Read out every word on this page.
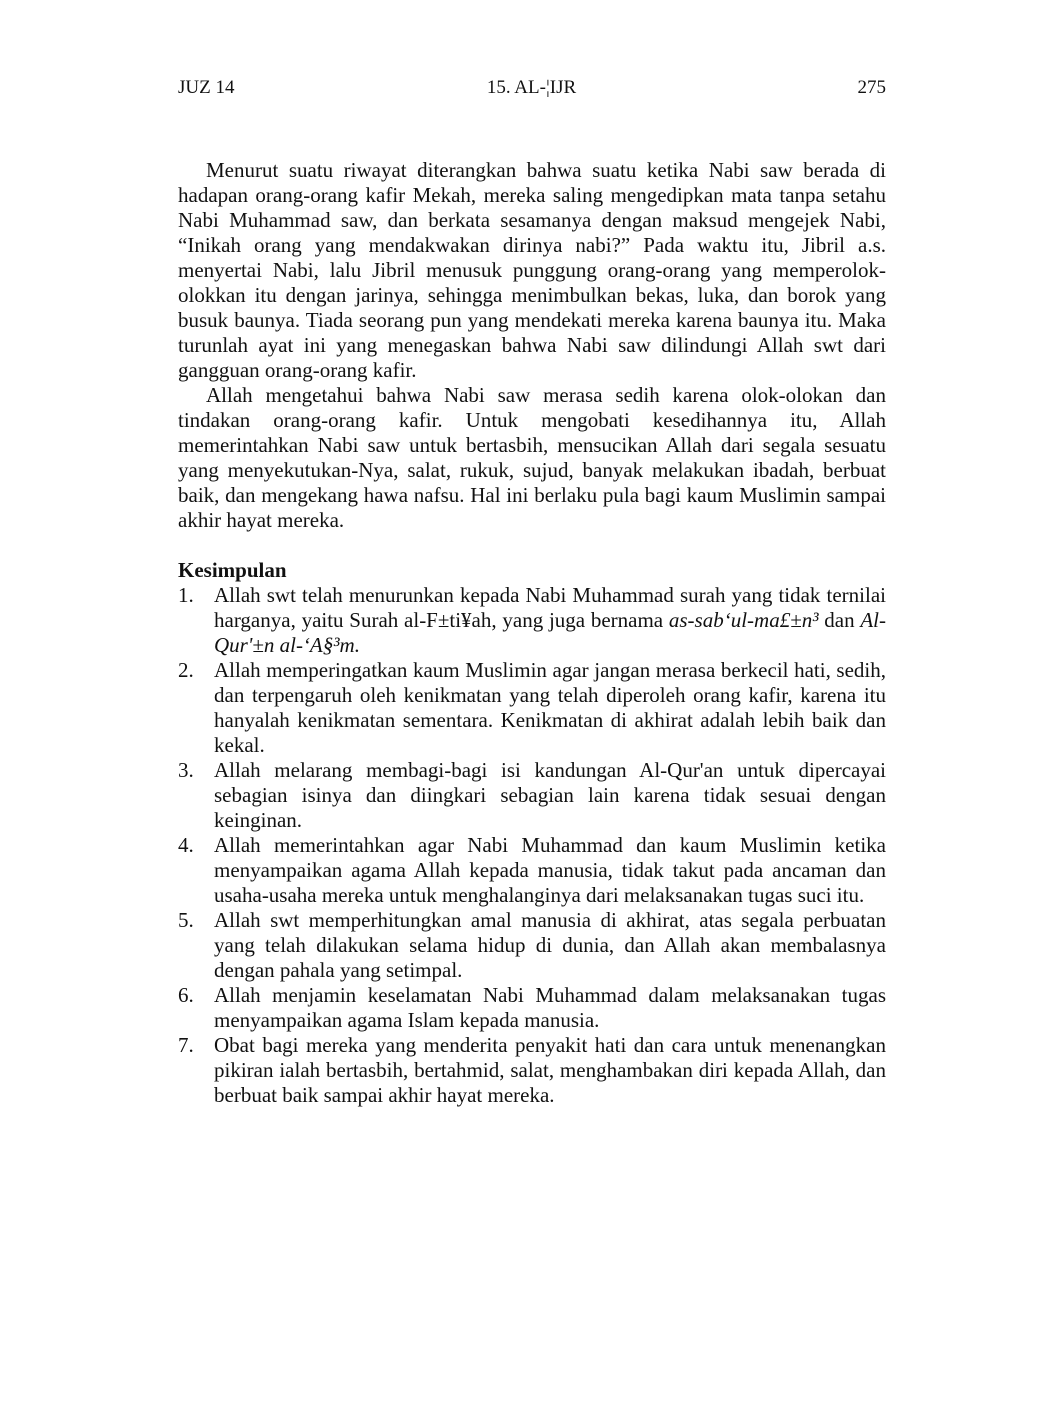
JUZ 14	15. AL-¦IJR	275

Menurut suatu riwayat diterangkan bahwa suatu ketika Nabi saw berada di hadapan orang-orang kafir Mekah, mereka saling mengedipkan mata tanpa setahu Nabi Muhammad saw, dan berkata sesamanya dengan maksud mengejek Nabi, “Inikah orang yang mendakwakan dirinya nabi?” Pada waktu itu, Jibril a.s. menyertai Nabi, lalu Jibril menusuk punggung orang-orang yang memperolok-olokkan itu dengan jarinya, sehingga menimbulkan bekas, luka, dan borok yang busuk baunya. Tiada seorang pun yang mendekati mereka karena baunya itu. Maka turunlah ayat ini yang menegaskan bahwa Nabi saw dilindungi Allah swt dari gangguan orang-orang kafir.

Allah mengetahui bahwa Nabi saw merasa sedih karena olok-olokan dan tindakan orang-orang kafir. Untuk mengobati kesedihannya itu, Allah memerintahkan Nabi saw untuk bertasbih, mensucikan Allah dari segala sesuatu yang menyekutukan-Nya, salat, rukuk, sujud, banyak melakukan ibadah, berbuat baik, dan mengekang hawa nafsu. Hal ini berlaku pula bagi kaum Muslimin sampai akhir hayat mereka.

Kesimpulan
1. Allah swt telah menurunkan kepada Nabi Muhammad surah yang tidak ternilai harganya, yaitu Surah al-F±ti¥ah, yang juga bernama as-sab‘ul-ma£±n³ dan Al-Qur'±n al-‘A§³m.
2. Allah memperingatkan kaum Muslimin agar jangan merasa berkecil hati, sedih, dan terpengaruh oleh kenikmatan yang telah diperoleh orang kafir, karena itu hanyalah kenikmatan sementara. Kenikmatan di akhirat adalah lebih baik dan kekal.
3. Allah melarang membagi-bagi isi kandungan Al-Qur'an untuk dipercayai sebagian isinya dan diingkari sebagian lain karena tidak sesuai dengan keinginan.
4. Allah memerintahkan agar Nabi Muhammad dan kaum Muslimin ketika menyampaikan agama Allah kepada manusia, tidak takut pada ancaman dan usaha-usaha mereka untuk menghalanginya dari melaksanakan tugas suci itu.
5. Allah swt memperhitungkan amal manusia di akhirat, atas segala perbuatan yang telah dilakukan selama hidup di dunia, dan Allah akan membalasnya dengan pahala yang setimpal.
6. Allah menjamin keselamatan Nabi Muhammad dalam melaksanakan tugas menyampaikan agama Islam kepada manusia.
7. Obat bagi mereka yang menderita penyakit hati dan cara untuk menenangkan pikiran ialah bertasbih, bertahmid, salat, menghambakan diri kepada Allah, dan berbuat baik sampai akhir hayat mereka.
